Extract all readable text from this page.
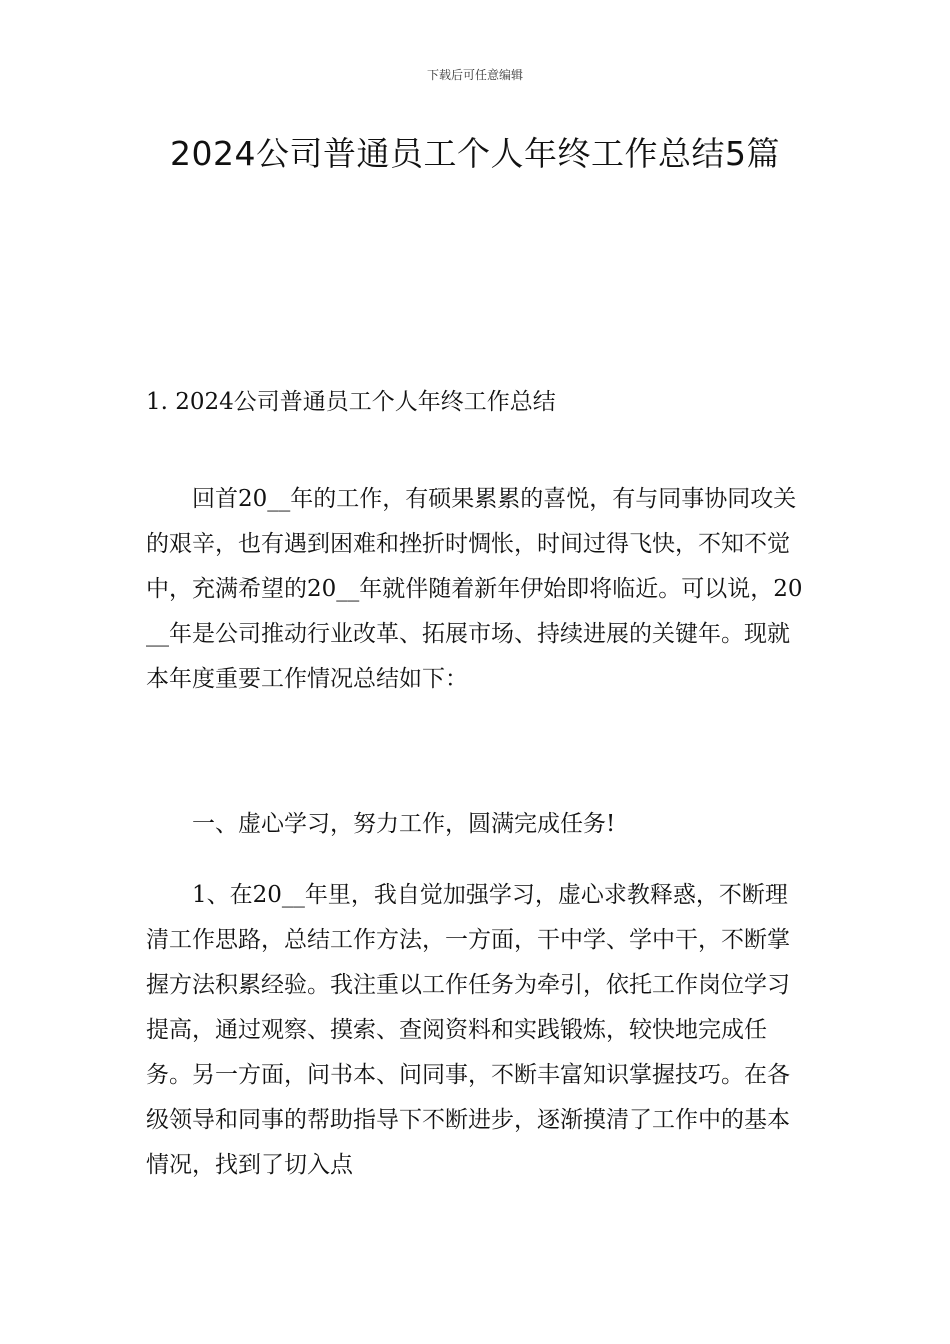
下载后可任意编辑
2024公司普通员工个人年终工作总结5篇
1. 2024公司普通员工个人年终工作总结

回首20__年的工作，有硕果累累的喜悦，有与同事协同攻关的艰辛，也有遇到困难和挫折时惆怅，时间过得飞快，不知不觉中，充满希望的20__年就伴随着新年伊始即将临近。可以说，20__年是公司推动行业改革、拓展市场、持续进展的关键年。现就本年度重要工作情况总结如下：

一、虚心学习，努力工作，圆满完成任务!

1、在20__年里，我自觉加强学习，虚心求教释惑，不断理清工作思路，总结工作方法，一方面，干中学、学中干，不断掌握方法积累经验。我注重以工作任务为牵引，依托工作岗位学习提高，通过观察、摸索、查阅资料和实践锻炼，较快地完成任务。另一方面，问书本、问同事，不断丰富知识掌握技巧。在各级领导和同事的帮助指导下不断进步，逐渐摸清了工作中的基本情况，找到了切入点
